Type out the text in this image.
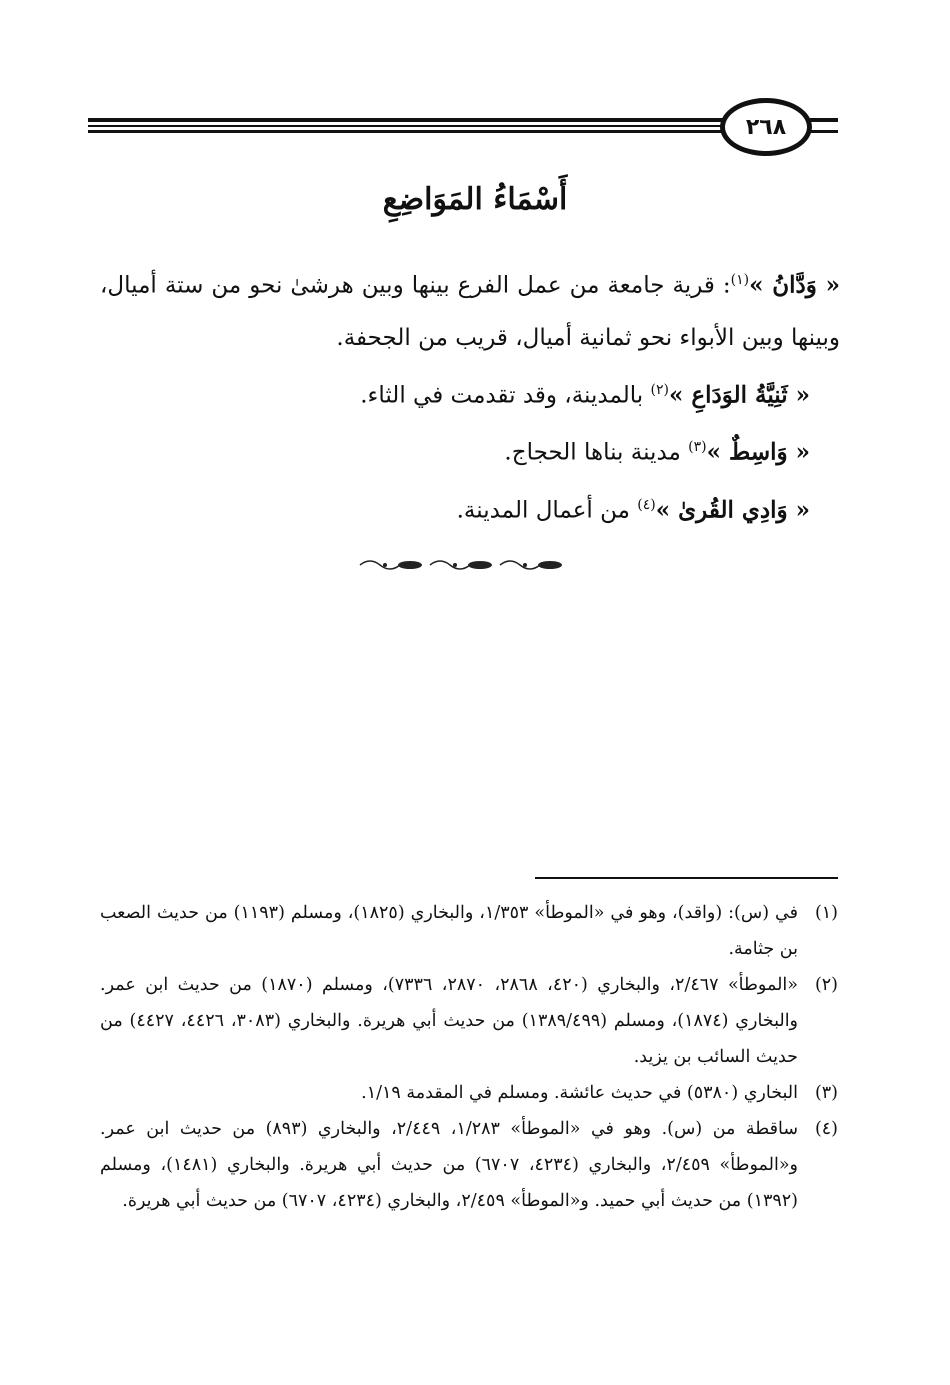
٢٦٨
أَسْمَاءُ المَوَاضِعِ

« وَدَّانُ »$^{(١)}$: قرية جامعة من عمل الفرع بينها وبين هرشىٰ نحو من ستة أميال، وبينها وبين الأبواء نحو ثمانية أميال، قريب من الجحفة.

« ثَنِيَّةُ الوَدَاعِ »$^{(٢)}$ بالمدينة، وقد تقدمت في الثاء.

« وَاسِطٌ »$^{(٣)}$ مدينة بناها الحجاج.

« وَادِي القُرىٰ »$^{(٤)}$ من أعمال المدينة.

(١)
في (س): (واقد)، وهو في «الموطأ» ١/٣٥٣، والبخاري (١٨٢٥)، ومسلم (١١٩٣) من حديث الصعب بن جثامة.

(٢)
«الموطأ» ٢/٤٦٧، والبخاري (٤٢٠، ٢٨٦٨، ٢٨٧٠، ٧٣٣٦)، ومسلم (١٨٧٠) من حديث ابن عمر. والبخاري (١٨٧٤)، ومسلم (١٣٨٩/٤٩٩) من حديث أبي هريرة. والبخاري (٣٠٨٣، ٤٤٢٦، ٤٤٢٧) من حديث السائب بن يزيد.

(٣)
البخاري (٥٣٨٠) في حديث عائشة. ومسلم في المقدمة ١/١٩.

(٤)
ساقطة من (س). وهو في «الموطأ» ١/٢٨٣، ٢/٤٤٩، والبخاري (٨٩٣) من حديث ابن عمر. و«الموطأ» ٢/٤٥٩، والبخاري (٤٢٣٤، ٦٧٠٧) من حديث أبي هريرة. والبخاري (١٤٨١)، ومسلم (١٣٩٢) من حديث أبي حميد. و«الموطأ» ٢/٤٥٩، والبخاري (٤٢٣٤، ٦٧٠٧) من حديث أبي هريرة.
